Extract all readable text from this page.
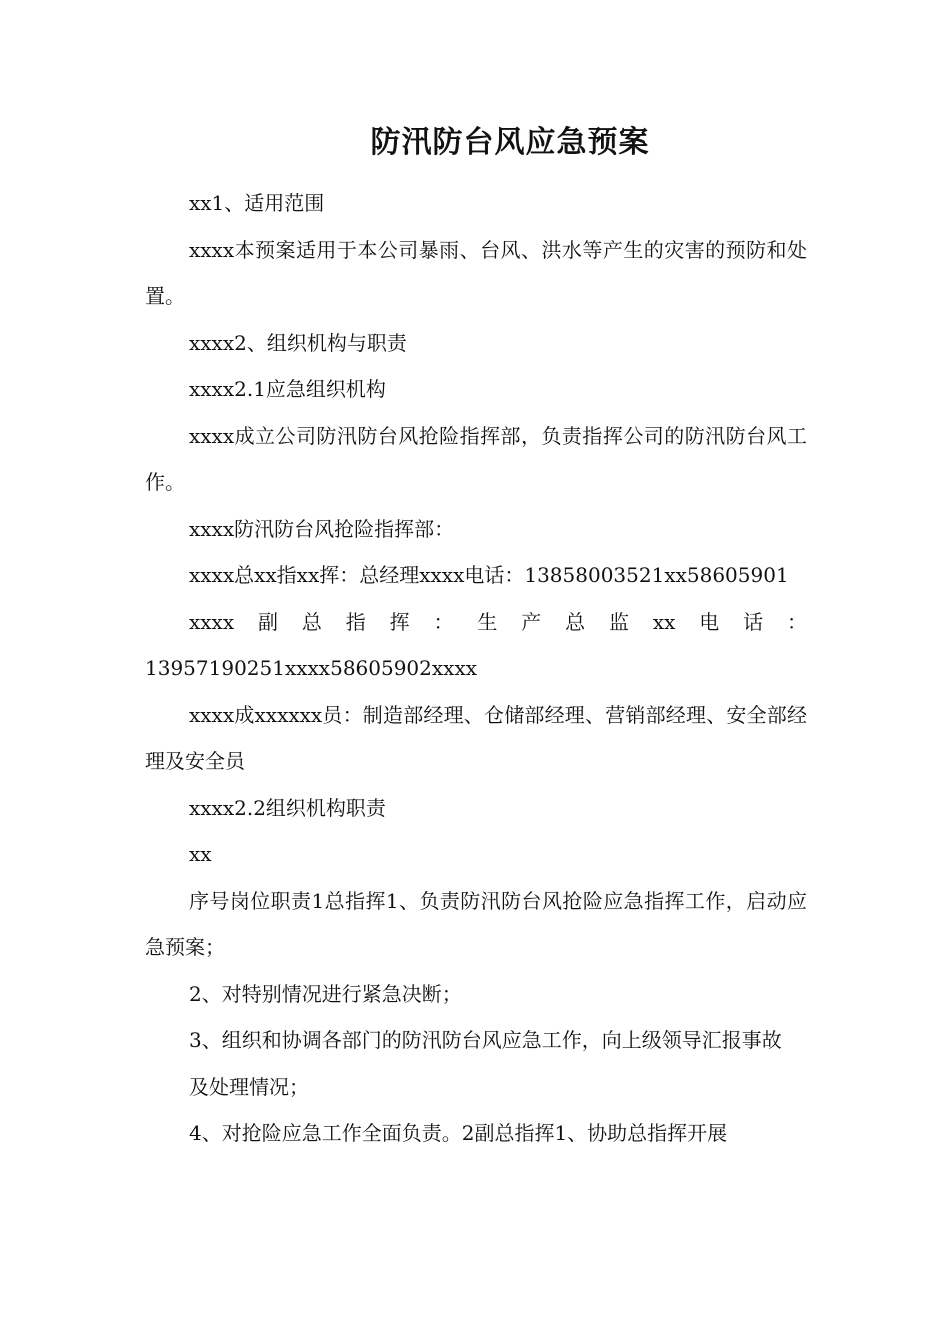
防汛防台风应急预案

xx1、适用范围

xxxx本预案适用于本公司暴雨、台风、洪水等产生的灾害的预防和处置。

xxxx2、组织机构与职责

xxxx2.1应急组织机构

xxxx成立公司防汛防台风抢险指挥部，负责指挥公司的防汛防台风工作。

xxxx防汛防台风抢险指挥部：

xxxx总xx指xx挥：总经理xxxx电话：13858003521xx58605901

xxxx副总指挥：生产总监xx电话：

13957190251xxxx58605902xxxx

xxxx成xxxxxx员：制造部经理、仓储部经理、营销部经理、安全部经理及安全员

xxxx2.2组织机构职责

xx

序号岗位职责1总指挥1、负责防汛防台风抢险应急指挥工作，启动应急预案；

2、对特别情况进行紧急决断；

3、组织和协调各部门的防汛防台风应急工作，向上级领导汇报事故

及处理情况；

4、对抢险应急工作全面负责。2副总指挥1、协助总指挥开展
